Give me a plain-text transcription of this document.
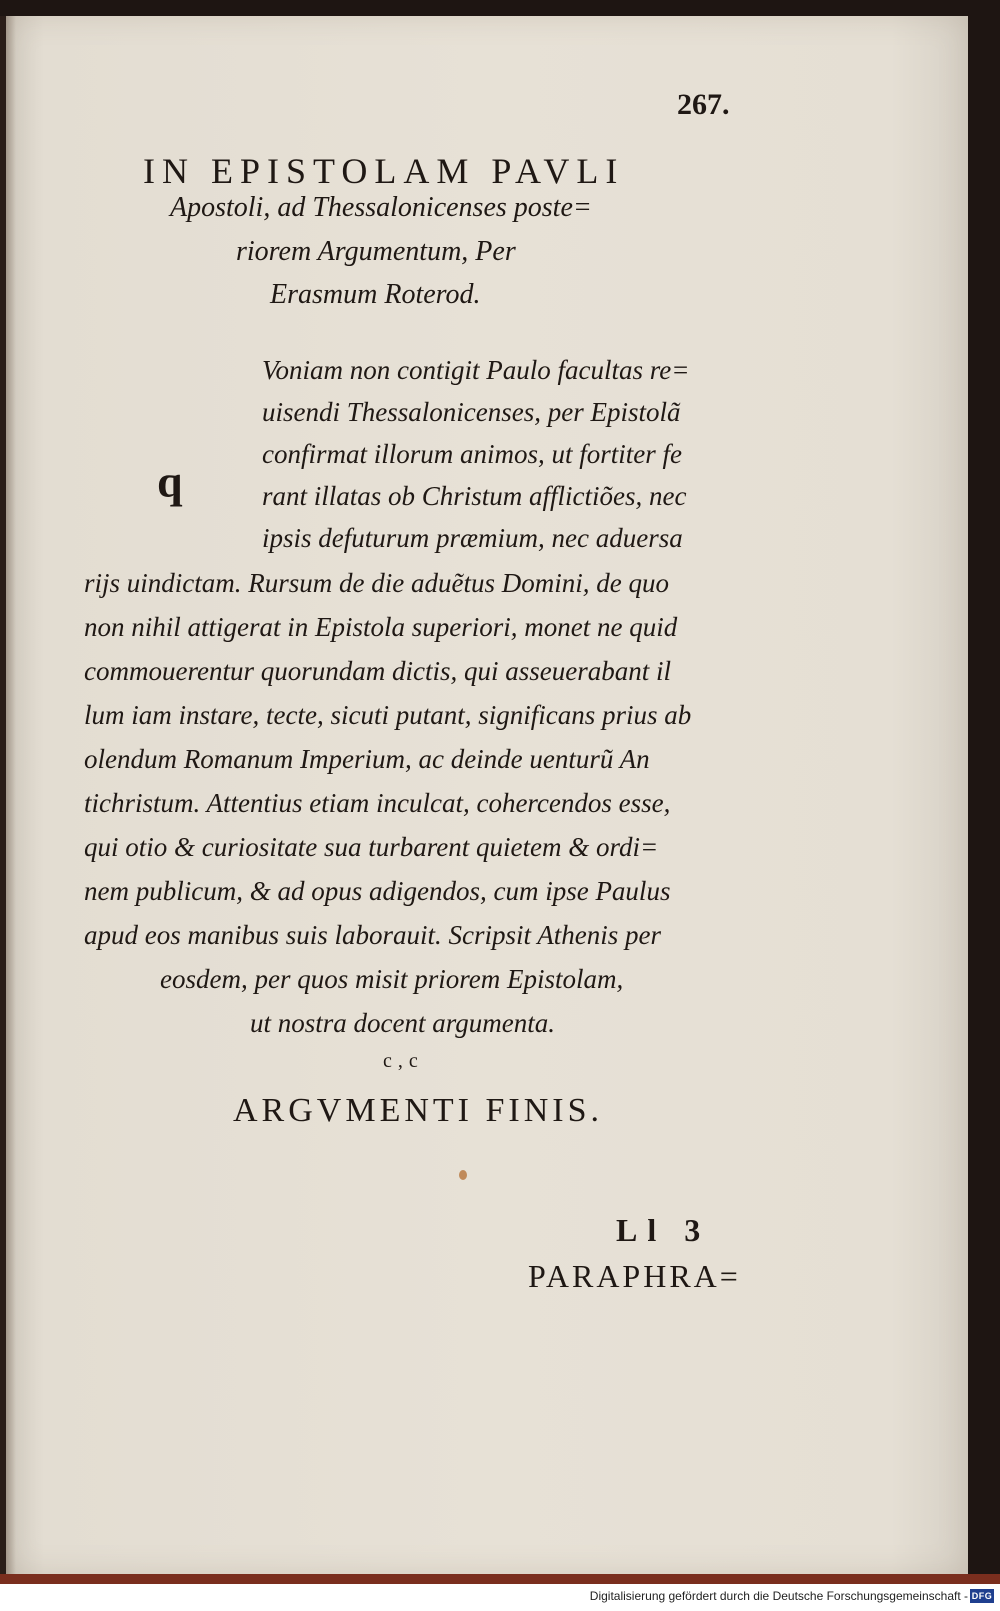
267.
IN EPISTOLAM PAVLI
Apostoli, ad Thessalonicenses poste=
riorem Argumentum, Per
Erasmum Roterod.
q
Voniam non contigit Paulo facultas re=
uisendi Thessalonicenses, per Epistolã
confirmat illorum animos, ut fortiter fe
rant illatas ob Christum afflictiões, nec
ipsis defuturum præmium, nec aduersa
rijs uindictam. Rursum de die aduẽtus Domini, de quo
non nihil attigerat in Epistola superiori, monet ne quid
commouerentur quorundam dictis, qui asseuerabant il
lum iam instare, tecte, sicuti putant, significans prius ab
olendum Romanum Imperium, ac deinde uenturũ An
tichristum. Attentius etiam inculcat, cohercendos esse,
qui otio & curiositate sua turbarent quietem & ordi=
nem publicum, & ad opus adigendos, cum ipse Paulus
apud eos manibus suis laborauit. Scripsit Athenis per
eosdem, per quos misit priorem Epistolam,
ut nostra docent argumenta.
c,c
ARGVMENTI FINIS.
Ll 3
PARAPHRA=
Digitalisierung gefördert durch die Deutsche Forschungsgemeinschaft - DFG
